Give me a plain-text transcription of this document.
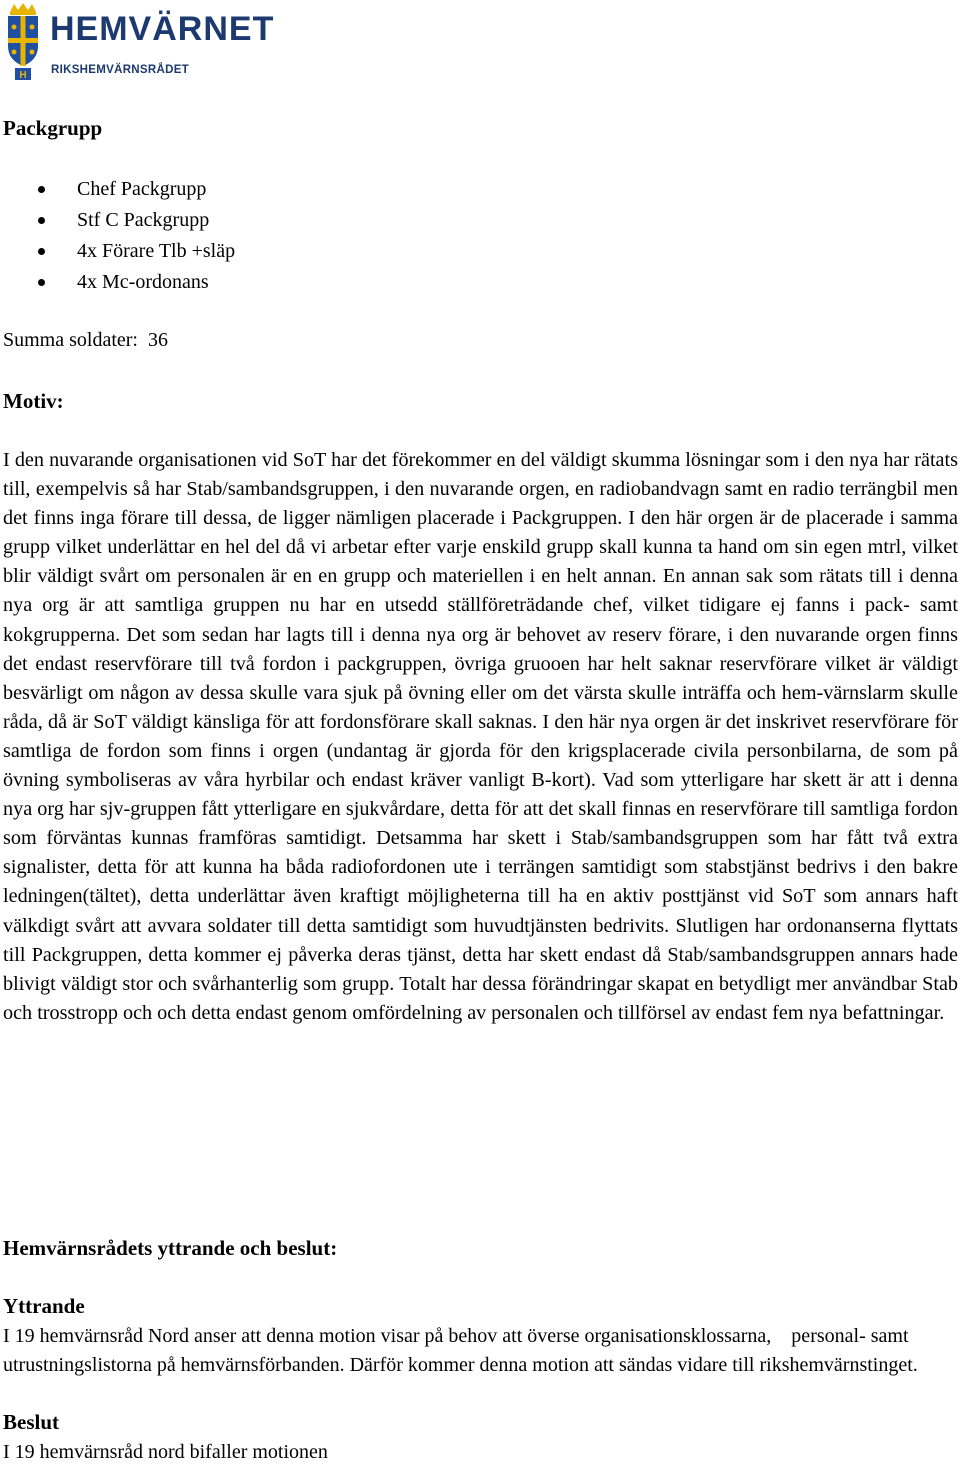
H
HEMVÄRNET
RIKSHEMVÄRNSRÅDET
Packgrupp
Chef Packgrupp
Stf C Packgrupp
4x Förare Tlb +släp
4x Mc-ordonans
Summa soldater: 36
Motiv:
I den nuvarande organisationen vid SoT har det förekommer en del väldigt skumma lösningar som i den nya har rätats till, exempelvis så har Stab/sambandsgruppen, i den nuvarande orgen, en radiobandvagn samt en radio terrängbil men det finns inga förare till dessa, de ligger nämligen placerade i Packgruppen. I den här orgen är de placerade i samma grupp vilket underlättar en hel del då vi arbetar efter varje enskild grupp skall kunna ta hand om sin egen mtrl, vilket blir väldigt svårt om personalen är en en grupp och materiellen i en helt annan. En annan sak som rätats till i denna nya org är att samtliga gruppen nu har en utsedd ställföreträdande chef, vilket tidigare ej fanns i pack- samt kokgrupperna. Det som sedan har lagts till i denna nya org är behovet av reserv förare, i den nuvarande orgen finns det endast reservförare till två fordon i packgruppen, övriga gruooen har helt saknar reservförare vilket är väldigt besvärligt om någon av dessa skulle vara sjuk på övning eller om det värsta skulle inträffa och hem-värnslarm skulle råda, då är SoT väldigt känsliga för att fordonsförare skall saknas. I den här nya orgen är det inskrivet reservförare för samtliga de fordon som finns i orgen (undantag är gjorda för den krigsplacerade civila personbilarna, de som på övning symboliseras av våra hyrbilar och endast kräver vanligt B-kort). Vad som ytterligare har skett är att i denna nya org har sjv-gruppen fått ytterligare en sjukvårdare, detta för att det skall finnas en reservförare till samtliga fordon som förväntas kunnas framföras samtidigt. Detsamma har skett i Stab/sambandsgruppen som har fått två extra signalister, detta för att kunna ha båda radiofordonen ute i terrängen samtidigt som stabstjänst bedrivs i den bakre ledningen(tältet), detta underlättar även kraftigt möjligheterna till ha en aktiv posttjänst vid SoT som annars haft välkdigt svårt att avvara soldater till detta samtidigt som huvudtjänsten bedrivits. Slutligen har ordonanserna flyttats till Packgruppen, detta kommer ej påverka deras tjänst, detta har skett endast då Stab/sambandsgruppen annars hade blivigt väldigt stor och svårhanterlig som grupp. Totalt har dessa förändringar skapat en betydligt mer användbar Stab och trosstropp och och detta endast genom omfördelning av personalen och tillförsel av endast fem nya befattningar.
Hemvärnsrådets yttrande och beslut:
Yttrande
I 19 hemvärnsråd Nord anser att denna motion visar på behov att överse organisationsklossarna,    personal- samt utrustningslistorna på hemvärnsförbanden. Därför kommer denna motion att sändas vidare till rikshemvärnstinget.
Beslut
I 19 hemvärnsråd nord bifaller motionen
